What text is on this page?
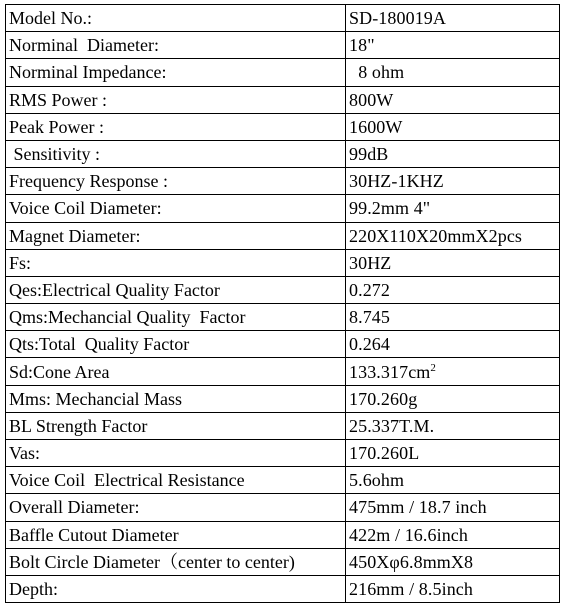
Model No.:	SD-180019A
Norminal  Diameter:	18"
Norminal Impedance:	8 ohm
RMS Power :	800W
Peak Power :	1600W
Sensitivity :	99dB
Frequency Response :	30HZ-1KHZ
Voice Coil Diameter:	99.2mm 4"
Magnet Diameter:	220X110X20mmX2pcs
Fs:	30HZ
Qes:Electrical Quality Factor	0.272
Qms:Mechancial Quality  Factor	8.745
Qts:Total  Quality Factor	0.264
Sd:Cone Area	$133.317cm^2$
Mms: Mechancial Mass	170.260g
BL Strength Factor	25.337T.M.
Vas:	170.260L
Voice Coil  Electrical Resistance	5.6ohm
Overall Diameter:	475mm / 18.7 inch
Baffle Cutout Diameter	422m / 16.6inch
Bolt Circle Diameter（center to center)	450Xφ6.8mmX8
Depth:	216mm / 8.5inch
